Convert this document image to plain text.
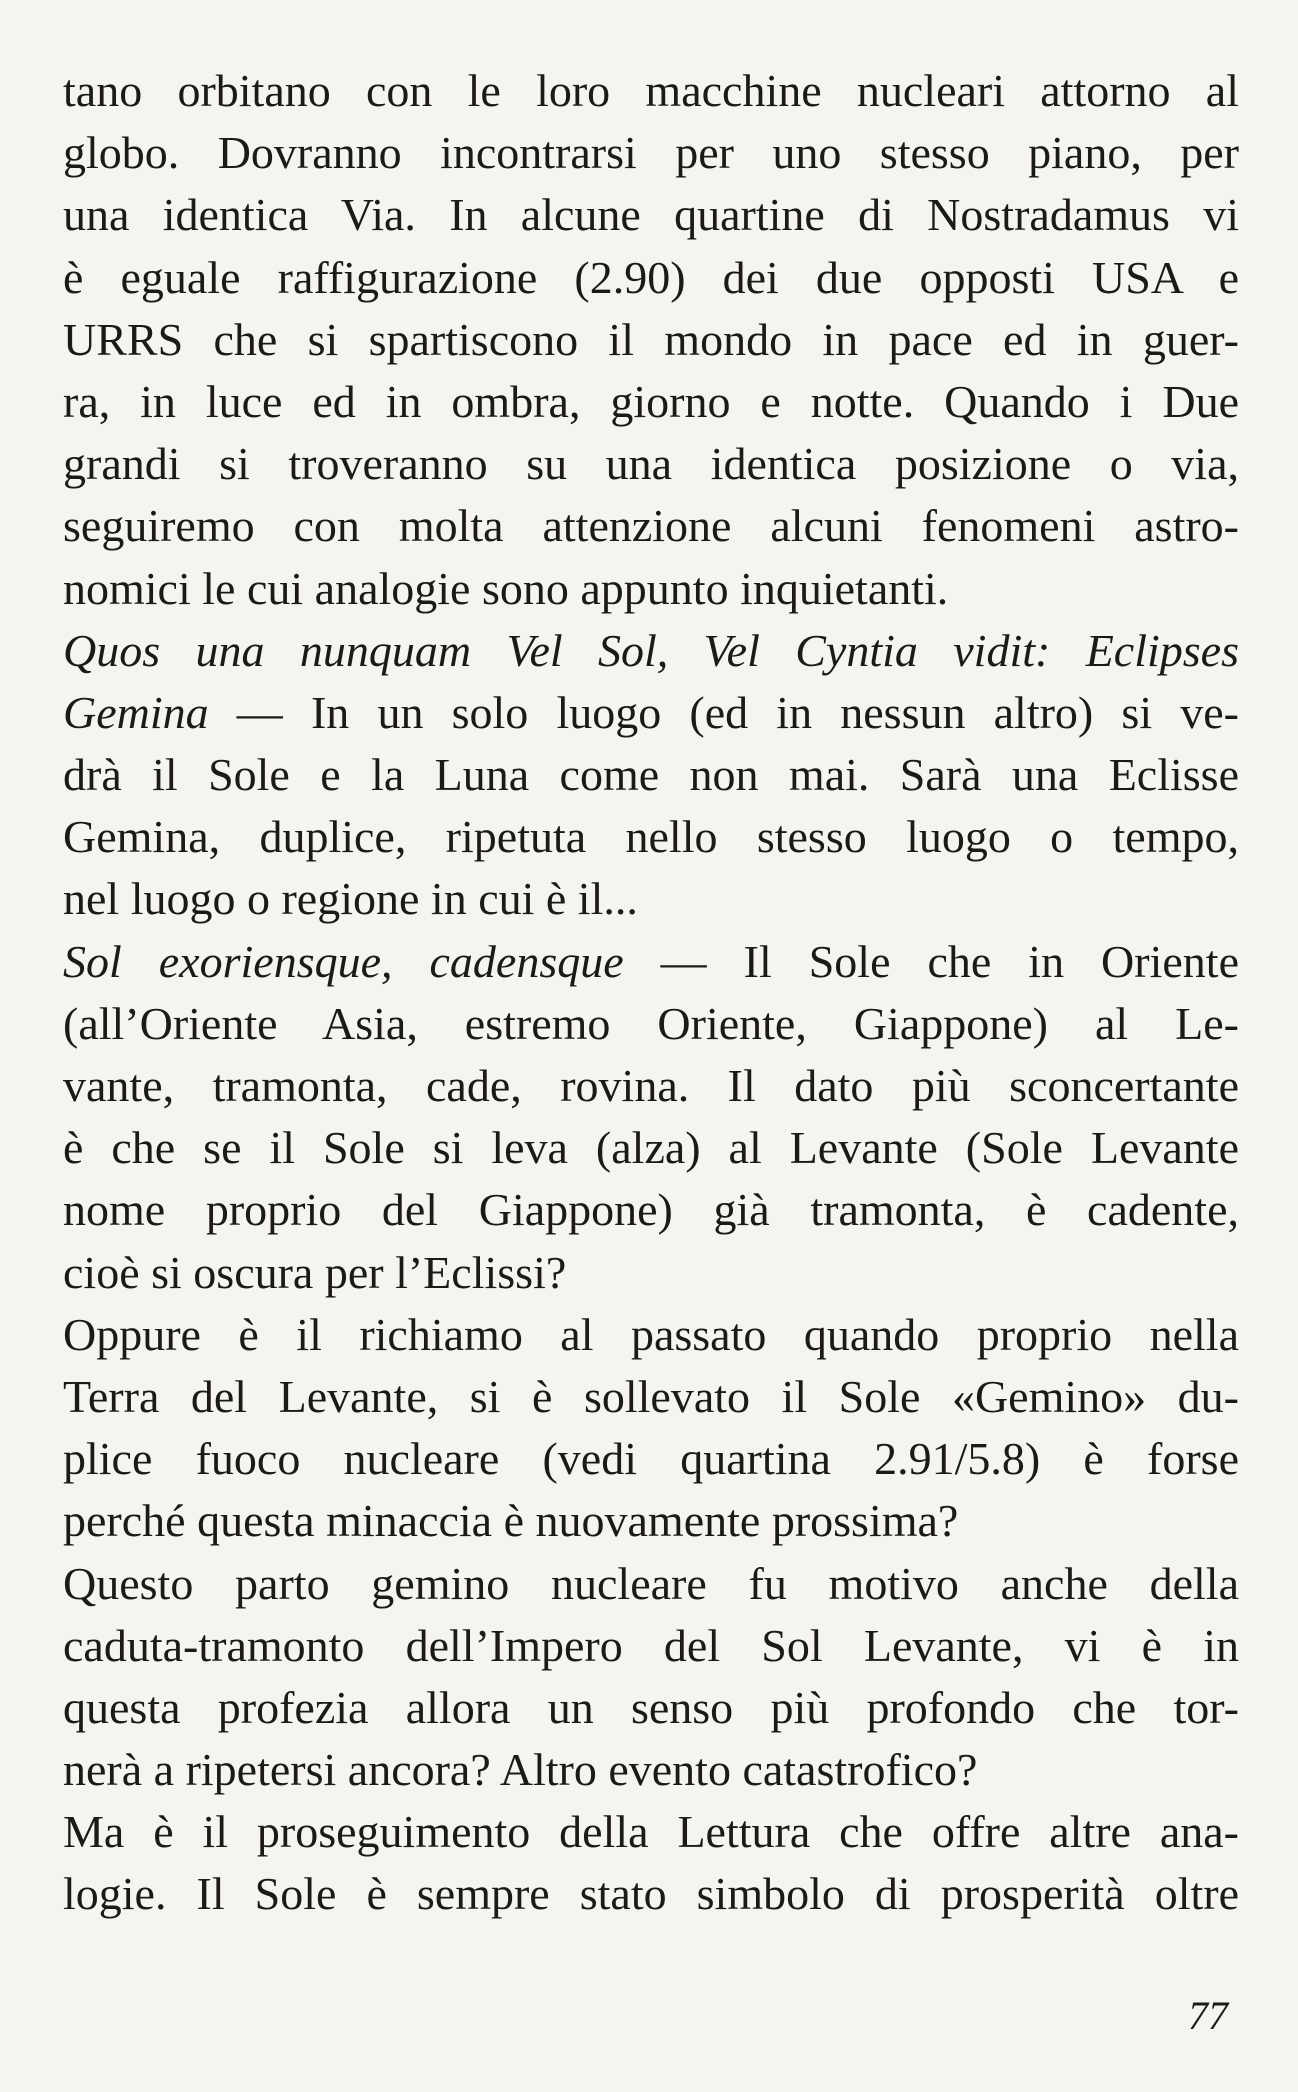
tano orbitano con le loro macchine nucleari attorno al
globo. Dovranno incontrarsi per uno stesso piano, per
una identica Via. In alcune quartine di Nostradamus vi
è eguale raffigurazione (2.90) dei due opposti USA e
URRS che si spartiscono il mondo in pace ed in guer-
ra, in luce ed in ombra, giorno e notte. Quando i Due
grandi si troveranno su una identica posizione o via,
seguiremo con molta attenzione alcuni fenomeni astro-
nomici le cui analogie sono appunto inquietanti.
Quos una nunquam Vel Sol, Vel Cyntia vidit: Eclipses
Gemina — In un solo luogo (ed in nessun altro) si ve-
drà il Sole e la Luna come non mai. Sarà una Eclisse
Gemina, duplice, ripetuta nello stesso luogo o tempo,
nel luogo o regione in cui è il...
Sol exoriensque, cadensque — Il Sole che in Oriente
(all’Oriente Asia, estremo Oriente, Giappone) al Le-
vante, tramonta, cade, rovina. Il dato più sconcertante
è che se il Sole si leva (alza) al Levante (Sole Levante
nome proprio del Giappone) già tramonta, è cadente,
cioè si oscura per l’Eclissi?
Oppure è il richiamo al passato quando proprio nella
Terra del Levante, si è sollevato il Sole «Gemino» du-
plice fuoco nucleare (vedi quartina 2.91/5.8) è forse
perché questa minaccia è nuovamente prossima?
Questo parto gemino nucleare fu motivo anche della
caduta-tramonto dell’Impero del Sol Levante, vi è in
questa profezia allora un senso più profondo che tor-
nerà a ripetersi ancora? Altro evento catastrofico?
Ma è il proseguimento della Lettura che offre altre ana-
logie. Il Sole è sempre stato simbolo di prosperità oltre
77
